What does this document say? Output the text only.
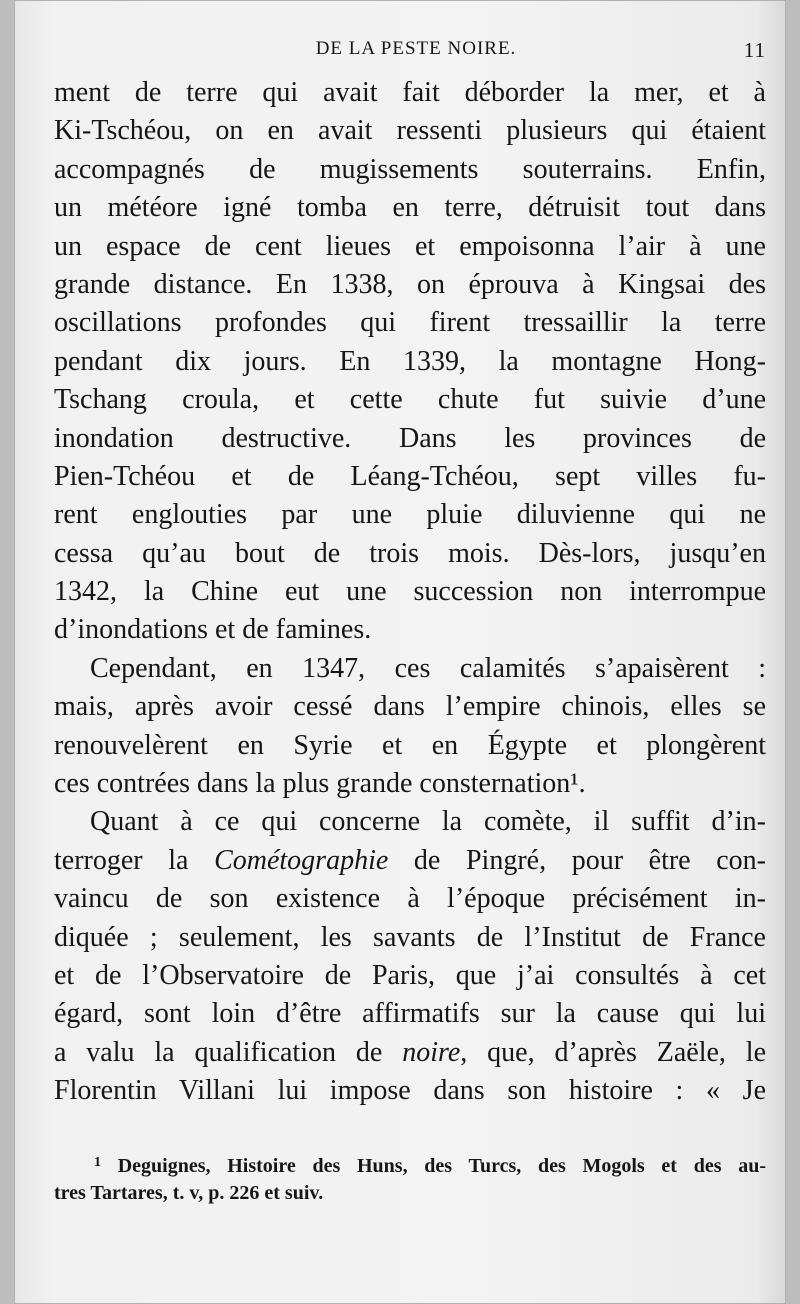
DE LA PESTE NOIRE.	11
ment de terre qui avait fait déborder la mer, et à
Ki-Tschéou, on en avait ressenti plusieurs qui étaient
accompagnés de mugissements souterrains. Enfin,
un météore igné tomba en terre, détruisit tout dans
un espace de cent lieues et empoisonna l’air à une
grande distance. En 1338, on éprouva à Kingsai des
oscillations profondes qui firent tressaillir la terre
pendant dix jours. En 1339, la montagne Hong-
Tschang croula, et cette chute fut suivie d’une
inondation destructive. Dans les provinces de
Pien-Tchéou et de Léang-Tchéou, sept villes fu-
rent englouties par une pluie diluvienne qui ne
cessa qu’au bout de trois mois. Dès-lors, jusqu’en
1342, la Chine eut une succession non interrompue
d’inondations et de famines.
Cependant, en 1347, ces calamités s’apaisèrent :
mais, après avoir cessé dans l’empire chinois, elles se
renouvelèrent en Syrie et en Égypte et plongèrent
ces contrées dans la plus grande consternation¹.
Quant à ce qui concerne la comète, il suffit d’in-
terroger la Cométographie de Pingré, pour être con-
vaincu de son existence à l’époque précisément in-
diquée ; seulement, les savants de l’Institut de France
et de l’Observatoire de Paris, que j’ai consultés à cet
égard, sont loin d’être affirmatifs sur la cause qui lui
a valu la qualification de noire, que, d’après Zaële, le
Florentin Villani lui impose dans son histoire : « Je
$^1$ Deguignes, Histoire des Huns, des Turcs, des Mogols et des au-
tres Tartares, t. v, p. 226 et suiv.
